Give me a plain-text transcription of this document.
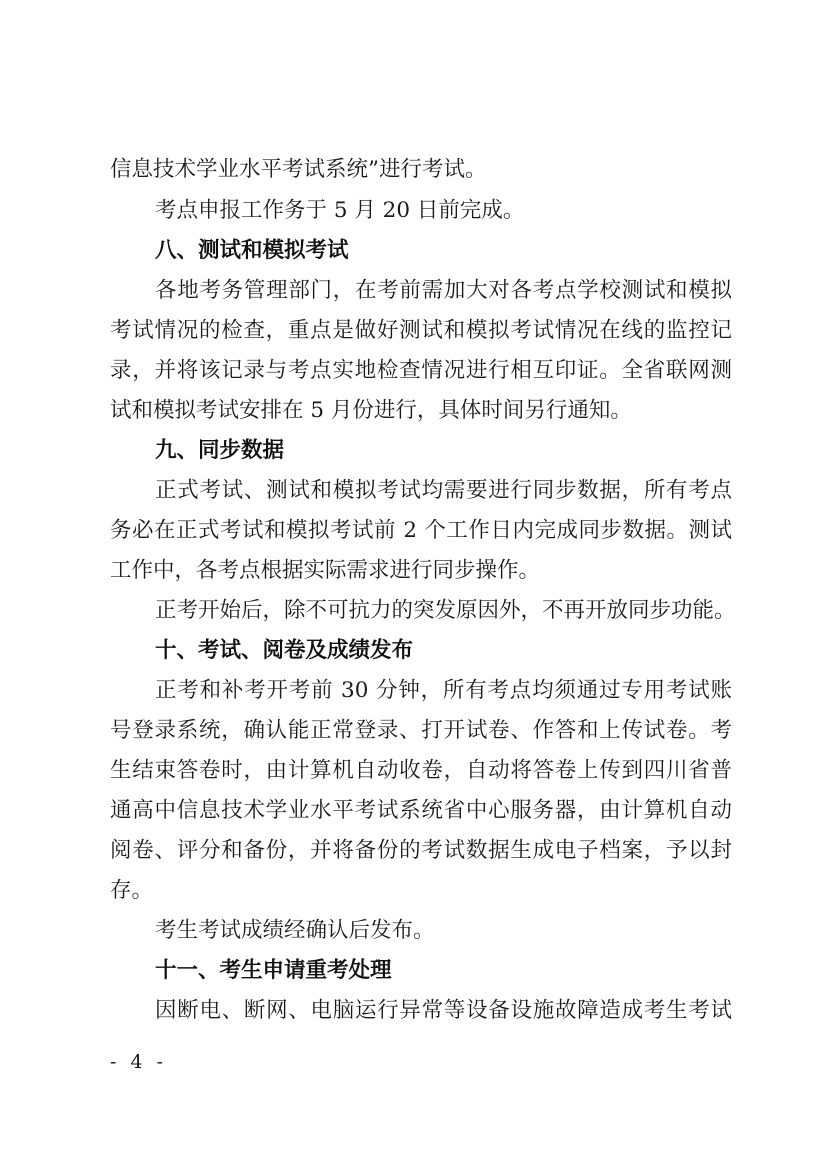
信息技术学业水平考试系统”进行考试。
考点申报工作务于 5 月 20 日前完成。
八、测试和模拟考试
各地考务管理部门，在考前需加大对各考点学校测试和模拟
考试情况的检查，重点是做好测试和模拟考试情况在线的监控记
录，并将该记录与考点实地检查情况进行相互印证。全省联网测
试和模拟考试安排在 5 月份进行，具体时间另行通知。
九、同步数据
正式考试、测试和模拟考试均需要进行同步数据，所有考点
务必在正式考试和模拟考试前 2 个工作日内完成同步数据。测试
工作中，各考点根据实际需求进行同步操作。
正考开始后，除不可抗力的突发原因外，不再开放同步功能。
十、考试、阅卷及成绩发布
正考和补考开考前 30 分钟，所有考点均须通过专用考试账
号登录系统，确认能正常登录、打开试卷、作答和上传试卷。考
生结束答卷时，由计算机自动收卷，自动将答卷上传到四川省普
通高中信息技术学业水平考试系统省中心服务器，由计算机自动
阅卷、评分和备份，并将备份的考试数据生成电子档案，予以封
存。
考生考试成绩经确认后发布。
十一、考生申请重考处理
因断电、断网、电脑运行异常等设备设施故障造成考生考试
- 4 -
